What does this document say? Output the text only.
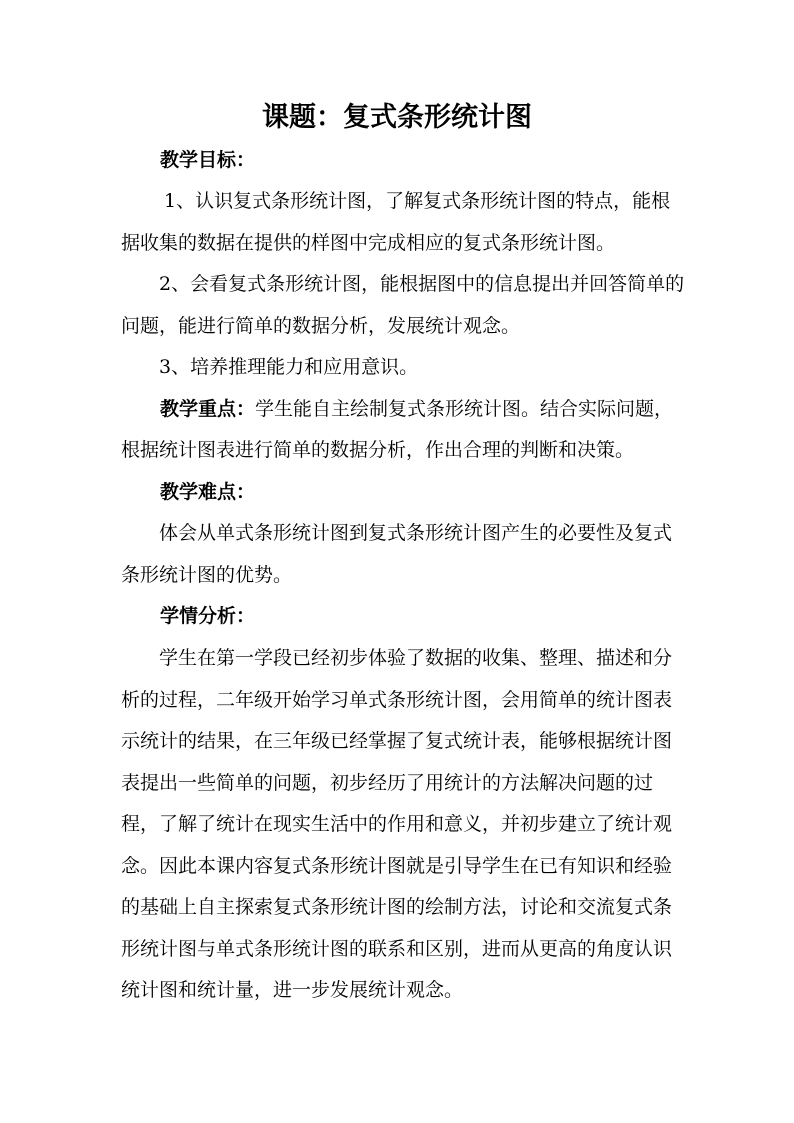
课题：复式条形统计图
教学目标：
1、认识复式条形统计图，了解复式条形统计图的特点，能根
据收集的数据在提供的样图中完成相应的复式条形统计图。
2、会看复式条形统计图，能根据图中的信息提出并回答简单的
问题，能进行简单的数据分析，发展统计观念。
3、培养推理能力和应用意识。
教学重点：学生能自主绘制复式条形统计图。结合实际问题，
根据统计图表进行简单的数据分析，作出合理的判断和决策。
教学难点：
体会从单式条形统计图到复式条形统计图产生的必要性及复式
条形统计图的优势。
学情分析：
学生在第一学段已经初步体验了数据的收集、整理、描述和分
析的过程，二年级开始学习单式条形统计图，会用简单的统计图表
示统计的结果，在三年级已经掌握了复式统计表，能够根据统计图
表提出一些简单的问题，初步经历了用统计的方法解决问题的过
程，了解了统计在现实生活中的作用和意义，并初步建立了统计观
念。因此本课内容复式条形统计图就是引导学生在已有知识和经验
的基础上自主探索复式条形统计图的绘制方法，讨论和交流复式条
形统计图与单式条形统计图的联系和区别，进而从更高的角度认识
统计图和统计量，进一步发展统计观念。
